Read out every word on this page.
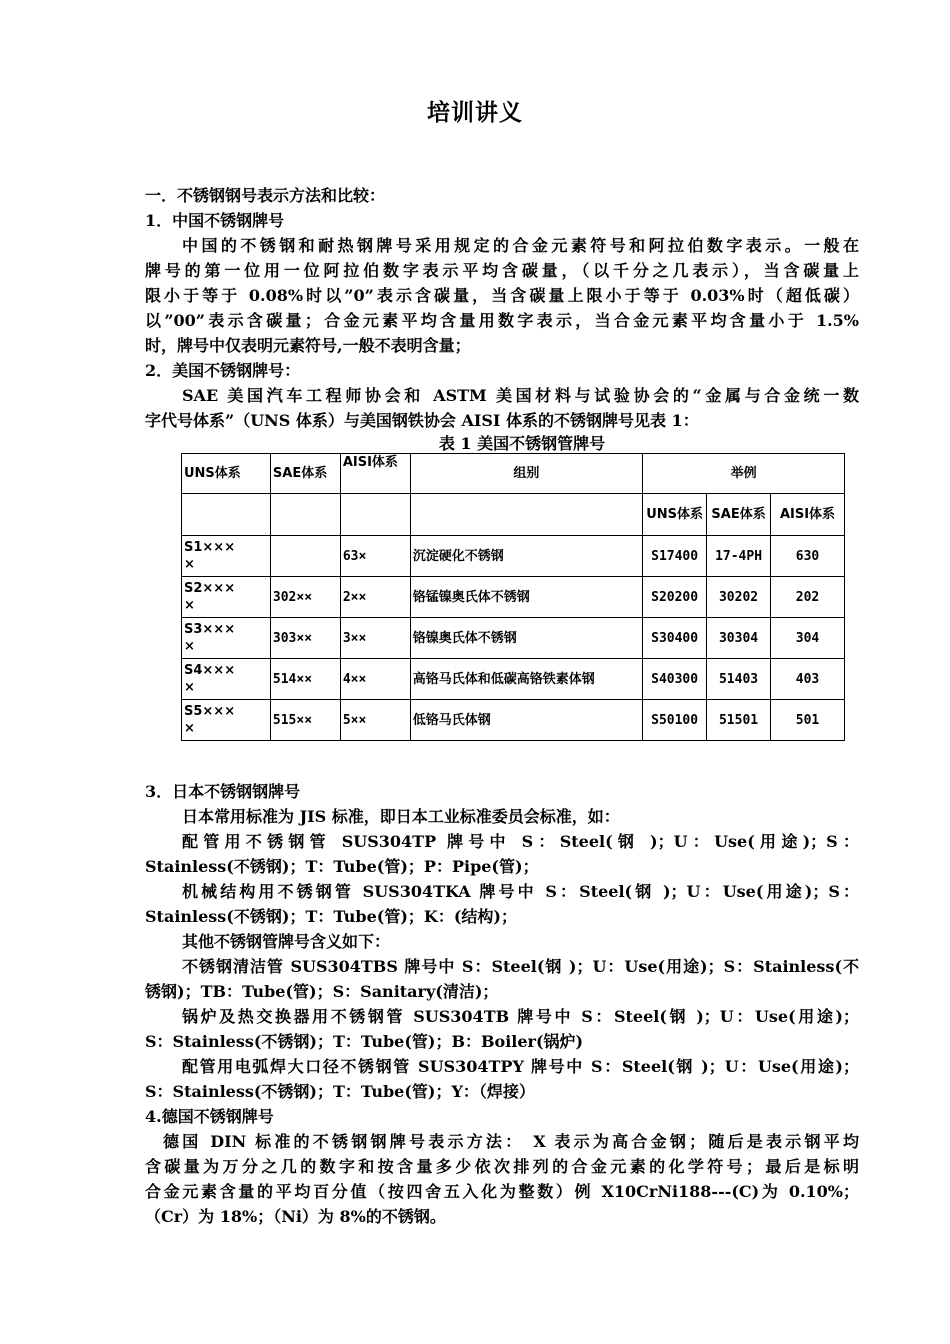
培训讲义
一．不锈钢钢号表示方法和比较：
1．中国不锈钢牌号
中国的不锈钢和耐热钢牌号采用规定的合金元素符号和阿拉伯数字表示。一般在
牌号的第一位用一位阿拉伯数字表示平均含碳量，（以千分之几表示），当含碳量上
限小于等于 0.08%时以”0”表示含碳量，当含碳量上限小于等于 0.03%时（超低碳）
以”00”表示含碳量；合金元素平均含量用数字表示，当合金元素平均含量小于 1.5%
时，牌号中仅表明元素符号,一般不表明含量；
2．美国不锈钢牌号：
SAE 美国汽车工程师协会和 ASTM 美国材料与试验协会的“金属与合金统一数
字代号体系”（UNS 体系）与美国钢铁协会 AISI 体系的不锈钢牌号见表 1：
表 1 美国不锈钢管牌号
UNS体系	SAE体系	AISI体系	组别	举例		
				UNS体系	SAE体系	AISI体系
S1×××
×		63×	沉淀硬化不锈钢	S17400	17-4PH	630
S2×××
×	302××	2××	铬锰镍奥氏体不锈钢	S20200	30202	202
S3×××
×	303××	3××	铬镍奥氏体不锈钢	S30400	30304	304
S4×××
×	514××	4××	高铬马氏体和低碳高铬铁素体钢	S40300	51403	403
S5×××
×	515××	5××	低铬马氏体钢	S50100	51501	501
3．日本不锈钢钢牌号
日本常用标准为 JIS 标准，即日本工业标准委员会标准，如：
配管用不锈钢管 SUS304TP 牌号中 S：Steel(钢 )；U：Use(用途)；S：
Stainless(不锈钢)；T：Tube(管)；P：Pipe(管)；
机械结构用不锈钢管 SUS304TKA 牌号中 S：Steel(钢 )；U：Use(用途)；S：
Stainless(不锈钢)；T：Tube(管)；K：(结构)；
其他不锈钢管牌号含义如下：
不锈钢清洁管 SUS304TBS 牌号中 S：Steel(钢 )；U：Use(用途)；S：Stainless(不
锈钢)；TB：Tube(管)；S：Sanitary(清洁)；
锅炉及热交换器用不锈钢管 SUS304TB 牌号中 S：Steel(钢 )；U：Use(用途)；
S：Stainless(不锈钢)；T：Tube(管)；B：Boiler(锅炉)
配管用电弧焊大口径不锈钢管 SUS304TPY 牌号中 S：Steel(钢 )；U：Use(用途)；
S：Stainless(不锈钢)；T：Tube(管)；Y：（焊接）
4.德国不锈钢牌号
德国 DIN 标准的不锈钢钢牌号表示方法： X 表示为高合金钢；随后是表示钢平均
含碳量为万分之几的数字和按含量多少依次排列的合金元素的化学符号；最后是标明
合金元素含量的平均百分值（按四舍五入化为整数）例 X10CrNi188---(C)为 0.10%；
（Cr）为 18%；（Ni）为 8%的不锈钢。
